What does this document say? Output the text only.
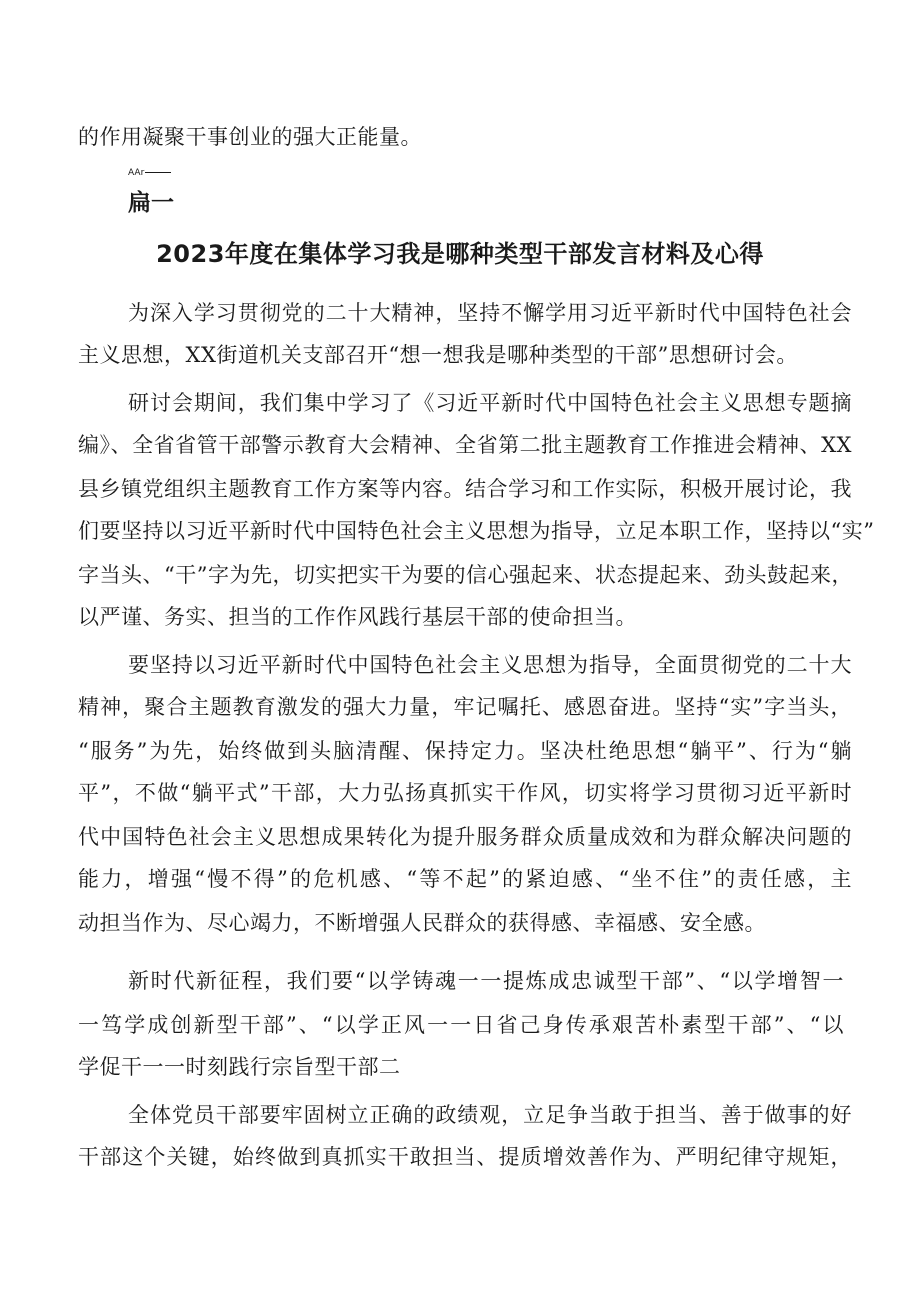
的作用凝聚干事创业的强大正能量。
AAr
扁一
2023年度在集体学习我是哪种类型干部发言材料及心得
为深入学习贯彻党的二十大精神，坚持不懈学用习近平新时代中国特色社会
主义思想，XX街道机关支部召开“想一想我是哪种类型的干部”思想研讨会。
研讨会期间，我们集中学习了《习近平新时代中国特色社会主义思想专题摘
编》、全省省管干部警示教育大会精神、全省第二批主题教育工作推进会精神、XX
县乡镇党组织主题教育工作方案等内容。结合学习和工作实际，积极开展讨论，我
们要坚持以习近平新时代中国特色社会主义思想为指导，立足本职工作，坚持以“实”
字当头、“干”字为先，切实把实干为要的信心强起来、状态提起来、劲头鼓起来，
以严谨、务实、担当的工作作风践行基层干部的使命担当。
要坚持以习近平新时代中国特色社会主义思想为指导，全面贯彻党的二十大
精神，聚合主题教育激发的强大力量，牢记嘱托、感恩奋进。坚持“实”字当头，
“服务”为先，始终做到头脑清醒、保持定力。坚决杜绝思想“躺平”、行为“躺
平”，不做“躺平式”干部，大力弘扬真抓实干作风，切实将学习贯彻习近平新时
代中国特色社会主义思想成果转化为提升服务群众质量成效和为群众解决问题的
能力，增强“慢不得”的危机感、“等不起”的紧迫感、“坐不住”的责任感，主
动担当作为、尽心竭力，不断增强人民群众的获得感、幸福感、安全感。
新时代新征程，我们要“以学铸魂一一提炼成忠诚型干部”、“以学增智一
一笃学成创新型干部”、“以学正风一一日省己身传承艰苦朴素型干部”、“以
学促干一一时刻践行宗旨型干部二
全体党员干部要牢固树立正确的政绩观，立足争当敢于担当、善于做事的好
干部这个关键，始终做到真抓实干敢担当、提质增效善作为、严明纪律守规矩，
